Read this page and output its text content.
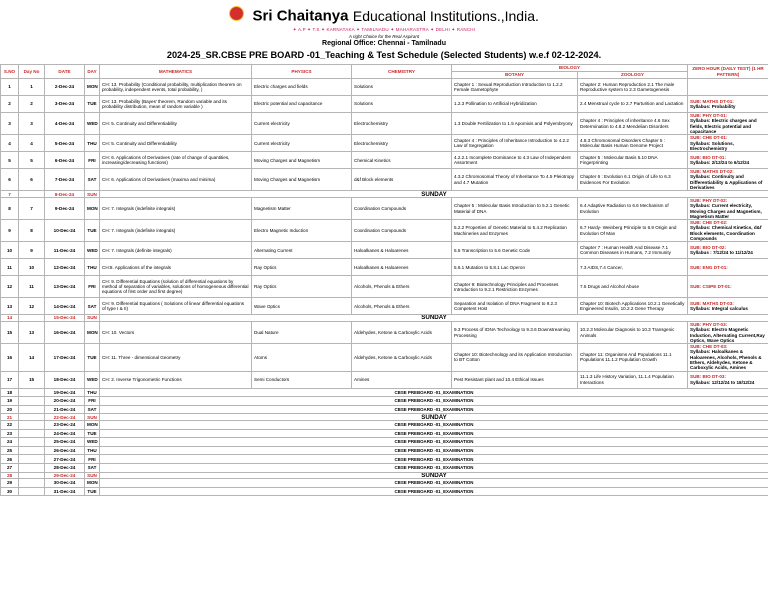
Sri Chaitanya Educational Institutions.,India.
✦ A.P ✦ T.S ✦ KARNATAKA ✦ TAMILNADU ✦ MAHARASTRA ✦ DELHI ✦ RANCHI
A right Choice for the Real Aspirant
Regional Office: Chennai - Tamilnadu
2024-25_SR.CBSE PRE BOARD -01_Teaching & Test Schedule (Selected Students) w.e.f 02-12-2024.
S.NO	Day No	DATE	DAY	MATHEMATICS	PHYSICS	CHEMISTRY	BIOLOGY		ZERO HOUR (DAILY TEST) (1 HR PATTERN)
							BOTANY	ZOOLOGY	
1	1	2-Dec-24	MON	CH: 13. Probability (Conditional probability, multiplication theorem on probability, independent events, total probability, )	Electric charges and fields	Solutions	Chapter 1 : Sexual Reproduction Introduction to 1.2.2 Female Gametophyte	Chapter 2: Human Reproduction 2.1 The male Reproductive system to 2.3 Gametogenesis	
2	2	3-Dec-24	TUE	CH: 13. Probability (Bayes' theorem, Random variable and its probability distribution, mean of random variable )	Electric potential and capacitance	Solutions	1.2.3 Pollination to Artificial Hybridization	2.4 Menstrual cycle to 2.7 Parturition and Lactation	SUB: MATHS DT-01:
Syllabus: Probability

3	3	4-Dec-24	WED	CH: 5. Continuity and Differentiability	Current electricity	Electrochemistry	1.3 Double Fertilization to 1.5 Apomixis and Polyembryony	Chapter 4 : Principles of inheritance 4.6 Sex Determination to 4.8.2 Mendelian Disorders	SUB: PHY DT-01:
Syllabus: Electric charges and fields, Electric potential and capacitance

4	4	5-Dec-24	THU	CH: 5. Continuity and Differentiability	Current electricity	Electrochemistry	Chapter 4 : Principles of Inheritance Introduction to 4.2.2 Law of Segregation	4.8.3 Chromosomal Disorders Chapter 5 : Molecular Basis Human Genome Project	SUB: CHE DT-01:
Syllabus: Solutions, Electrochemistry

5	5	6-Dec-24	FRI	CH: 6. Applications of Derivatives (rate of change of quantities, increasing/decreasing functions)	Moving Charges and Magnetism	Chemical Kinetics	4.2.2.1 Incomplete Dominance to 4.3 Law of Independent Assortment	Chapter 5 : Molecular Basis 5.10 DNA Fingerprinting	SUB: BIO DT-01:
Syllabus: 2/12/24 to 6/12/24

6	6	7-Dec-24	SAT	CH: 6. Applications of Derivatives (maxima and minima)	Moving Charges and Magnetism	d&f Block elements	4.3.2 Chromosomal Theory of Inheritance To 4.5 Pleiotropy and 4.7 Mutation	Chapter 6 : Evolution 6.1 Origin of Life to 6.3 Evidences For Evolution	SUB: MATHS DT-02:
Syllabus: Continuity and Differentiability & Applications of Derivatives

7		8-Dec-24	SUN	SUNDAY					
8	7	9-Dec-24	MON	CH: 7. Integrals (indefinite integrals)	Magnetism Matter	Coordination Compounds	Chapter 5 : Molecular Basis Introduction to 5.2.1 Genetic Material of DNA	6.4 Adaptive Radiation to 6.6 Mechanism of Evolution	SUB: PHY DT-02:
Syllabus: Current electricity, Moving Charges and Magnetism, Magnetism Matter

9	8	10-Dec-24	TUE	CH: 7. Integrals (indefinite integrals)	Electro Magnetic Induction	Coordination Compounds	5.2.2 Properties of Genetic Material to 5.4.2 Replication Machineries and Enzymes	6.7 Hardy- Weinberg Principle to 6.9 Origin and Evolution Of Man	SUB: CHE DT-02:
Syllabus: Chemical Kinetics, d&f Block elements, Coordination Compounds

10	9	11-Dec-24	WED	CH: 7. Integrals (definite integrals)	Alternating Current	Haloalkanes & Haloarenes	5.5 Transcription to 5.6 Genetic Code	Chapter 7 : Human Health And Disease 7.1 Common Diseases in Humans, 7.2 Immunity	SUB: BIO DT-02:
Syllabus : 7/12/24 to 11/12/24

11	10	12-Dec-24	THU	CH:8. Applications of the integrals	Ray Optics	Haloalkanes & Haloarenes	5.6.1 Mutation to 5.8.1 Lac Operon	7.3 AIDS,7.4 Cancer,	SUB: ENG DT-01:

12	11	13-Dec-24	FRI	CH: 9. Differential Equations (solution of differential equations by method of separation of variables, solutions of homogeneous differential equations of first order and first degree)	Ray Optics	Alcohols, Phenols & Ethers	Chapter 9: Biotechnology Principles and Processes Introduction to 9.2.1 Restriction Enzymes	7.5 Drugs and Alcohol Abuse	SUB: CSIPE DT-01:

13	12	14-Dec-24	SAT	CH: 9. Differential Equations ( Solutions of linear differential equations of type I & II)	Wave Optics	Alcohols, Phenols & Ethers	Separation and Isolation of DNA Fragment to 9.2.3 Competent Host	Chapter 10: Biotech Applications 10.2.1 Genetically Engineered Insulin, 10.2.2 Gene Therapy	SUB: MATHS DT-03:
Syllabus: Integral calculus

14		15-Dec-24	SUN	SUNDAY					
15	13	16-Dec-24	MON	CH: 10. Vectors	Dual Nature	Aldehydes, Ketone & Carboxylic Acids	9.3 Process of rDNA Technology to 9.3.6 Downstreaming Processing	10.2.3 Molecular Diagnosis to 10.3 Transgenic Animals	SUB: PHY DT-03:
Syllabus: Electro Magnetic Induction, Alternating Current,Ray Optics, Wave Optics

16	14	17-Dec-24	TUE	CH: 11. Three - dimensional Geometry	Atoms	Aldehydes, Ketone & Carboxylic Acids	Chapter 10: Biotechnology and its Application Introduction to BT Cotton	Chapter 11: Organisms And Populations 11.1 Populations 11.1.2 Population Growth	SUB: CHE DT-03:
Syllabus: Haloalkanes & Haloarenes, Alcohols, Phenols & Ethers, Aldehydes, Ketone & Carboxylic Acids, Amines

17	15	18-Dec-24	WED	CH: 2. Inverse Trigonometric Functions	Semi Conductors	Amines	Pest Resistant plant and 10.4 Ethical Issues	11.1.3 Life History Variation, 11.1.4 Population Interactions	SUB: BIO DT-03:
Syllabus: 12/12/24 to 18/12/24

18		19-Dec-24	THU	CBSE PREBOARD -01_EXAMINATION					
19		20-Dec-24	FRI	CBSE PREBOARD -01_EXAMINATION					
20		21-Dec-24	SAT	CBSE PREBOARD -01_EXAMINATION					
21		22-Dec-24	SUN	SUNDAY					
22		23-Dec-24	MON	CBSE PREBOARD -01_EXAMINATION					
23		24-Dec-24	TUE	CBSE PREBOARD -01_EXAMINATION					
24		25-Dec-24	WED	CBSE PREBOARD -01_EXAMINATION					
25		26-Dec-24	THU	CBSE PREBOARD -01_EXAMINATION					
26		27-Dec-24	FRI	CBSE PREBOARD -01_EXAMINATION					
27		28-Dec-24	SAT	CBSE PREBOARD -01_EXAMINATION					
28		29-Dec-24	SUN	SUNDAY					
29		30-Dec-24	MON	CBSE PREBOARD -01_EXAMINATION					
30		31-Dec-24	TUE	CBSE PREBOARD -01_EXAMINATION					
